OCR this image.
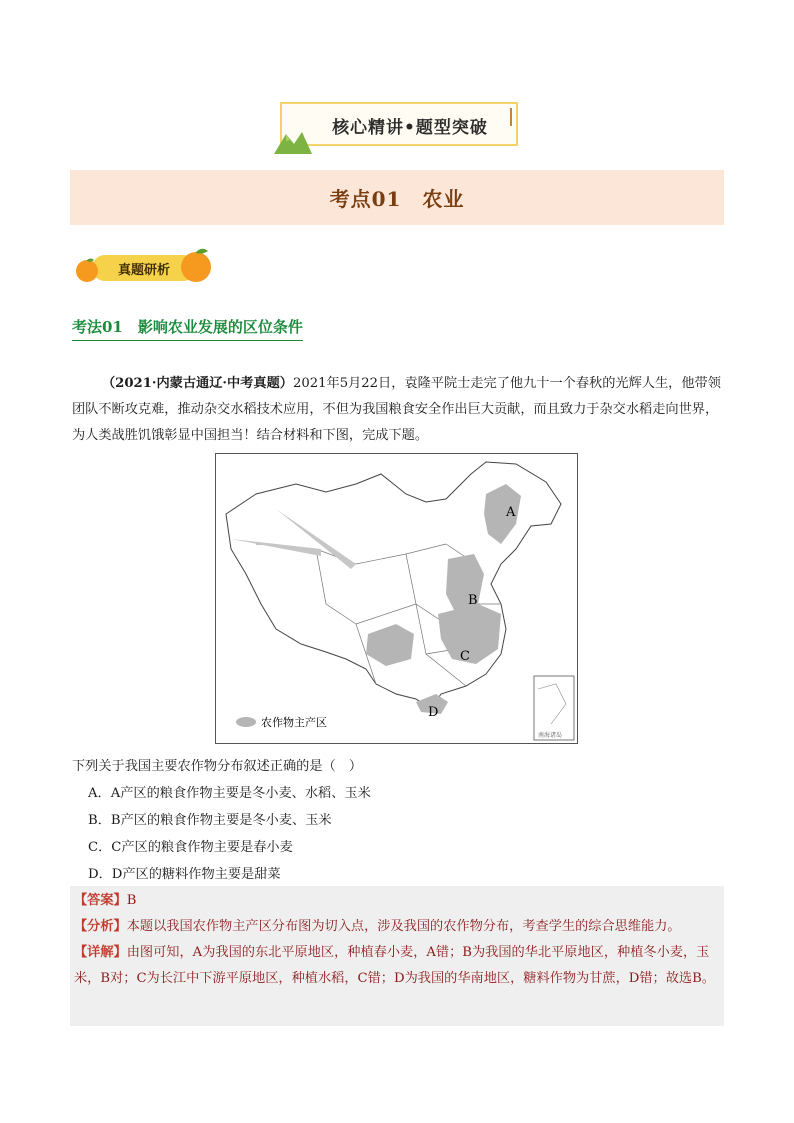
核心精讲•题型突破
考点01　农业
真题研析
考法01　影响农业发展的区位条件
（2021·内蒙古通辽·中考真题）2021年5月22日，袁隆平院士走完了他九十一个春秋的光辉人生，他带领团队不断攻克难，推动杂交水稻技术应用，不但为我国粮食安全作出巨大贡献，而且致力于杂交水稻走向世界，为人类战胜饥饿彰显中国担当！结合材料和下图，完成下题。
A
B
C
D
南海诸岛
农作物主产区
下列关于我国主要农作物分布叙述正确的是（　）
A．A产区的粮食作物主要是冬小麦、水稻、玉米
B．B产区的粮食作物主要是冬小麦、玉米
C．C产区的粮食作物主要是春小麦
D．D产区的糖料作物主要是甜菜
【答案】B
【分析】本题以我国农作物主产区分布图为切入点，涉及我国的农作物分布，考查学生的综合思维能力。
【详解】由图可知，A为我国的东北平原地区，种植春小麦，A错；B为我国的华北平原地区，种植冬小麦，玉米，B对；C为长江中下游平原地区，种植水稻，C错；D为我国的华南地区，糖料作物为甘蔗，D错；故选B。
